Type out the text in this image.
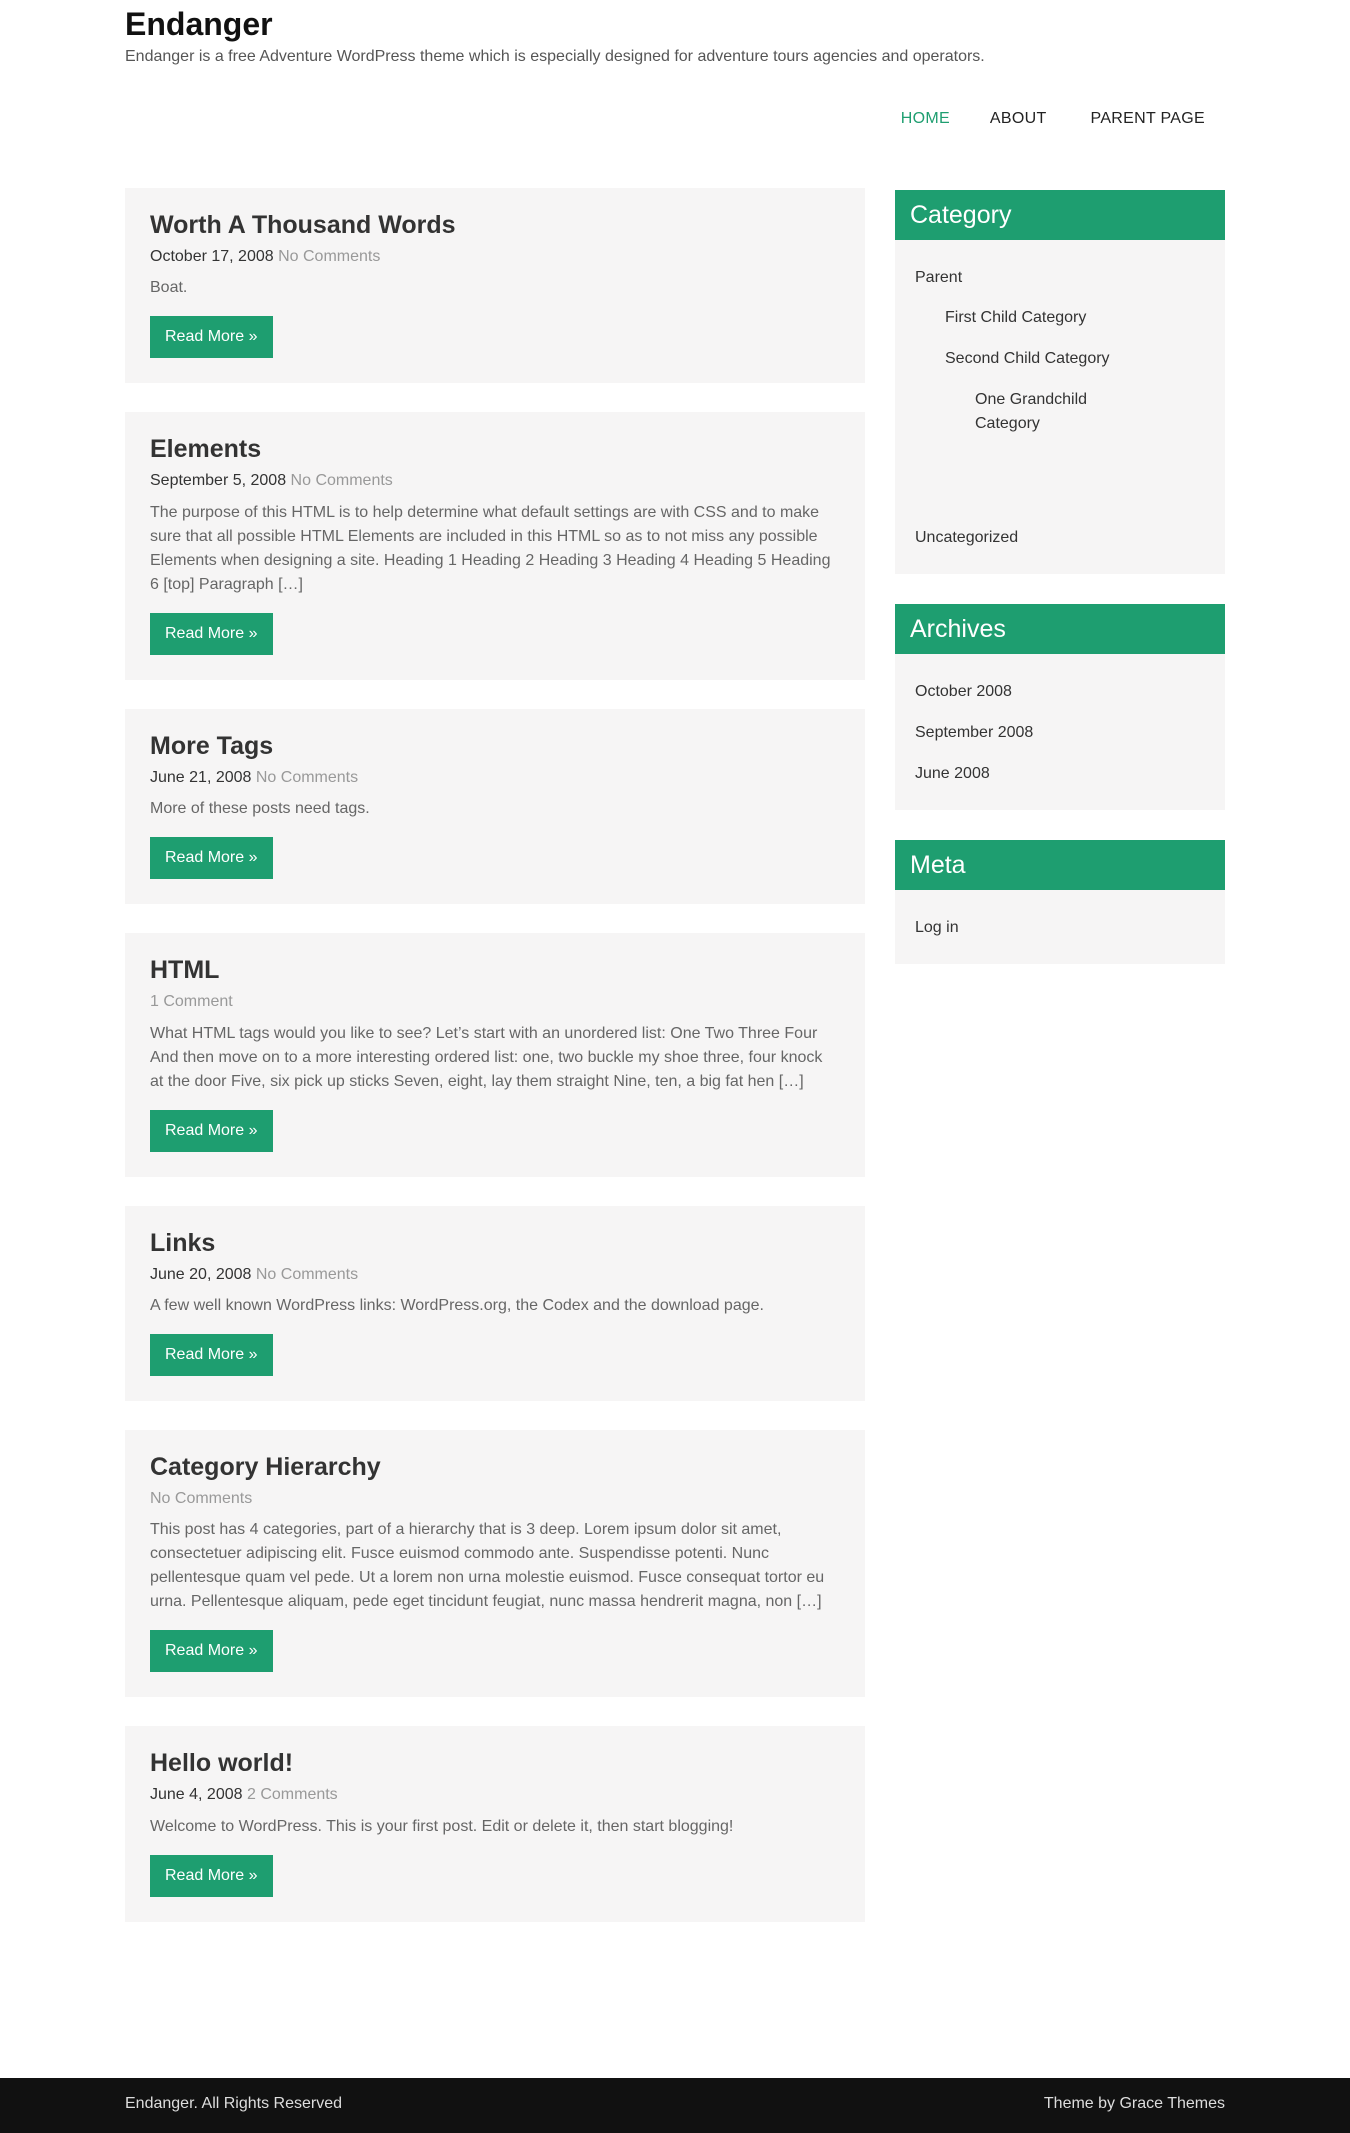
Endanger
Endanger is a free Adventure WordPress theme which is especially designed for adventure tours agencies and operators.
HOME	ABOUT	PARENT PAGE
Worth A Thousand Words
October 17, 2008 No Comments
Boat.
Read More »
Elements
September 5, 2008 No Comments
The purpose of this HTML is to help determine what default settings are with CSS and to make sure that all possible HTML Elements are included in this HTML so as to not miss any possible Elements when designing a site. Heading 1 Heading 2 Heading 3 Heading 4 Heading 5 Heading 6 [top] Paragraph […]
Read More »
More Tags
June 21, 2008 No Comments
More of these posts need tags.
Read More »
HTML
1 Comment
What HTML tags would you like to see? Let’s start with an unordered list: One Two Three Four And then move on to a more interesting ordered list: one, two buckle my shoe three, four knock at the door Five, six pick up sticks Seven, eight, lay them straight Nine, ten, a big fat hen […]
Read More »
Links
June 20, 2008 No Comments
A few well known WordPress links: WordPress.org, the Codex and the download page.
Read More »
Category Hierarchy
No Comments
This post has 4 categories, part of a hierarchy that is 3 deep. Lorem ipsum dolor sit amet, consectetuer adipiscing elit. Fusce euismod commodo ante. Suspendisse potenti. Nunc pellentesque quam vel pede. Ut a lorem non urna molestie euismod. Fusce consequat tortor eu urna. Pellentesque aliquam, pede eget tincidunt feugiat, nunc massa hendrerit magna, non […]
Read More »
Hello world!
June 4, 2008 2 Comments
Welcome to WordPress. This is your first post. Edit or delete it, then start blogging!
Read More »
Category
Parent
First Child Category
Second Child Category
One Grandchild Category
Uncategorized
Archives
October 2008
September 2008
June 2008
Meta
Log in
Endanger. All Rights Reserved	Theme by Grace Themes
